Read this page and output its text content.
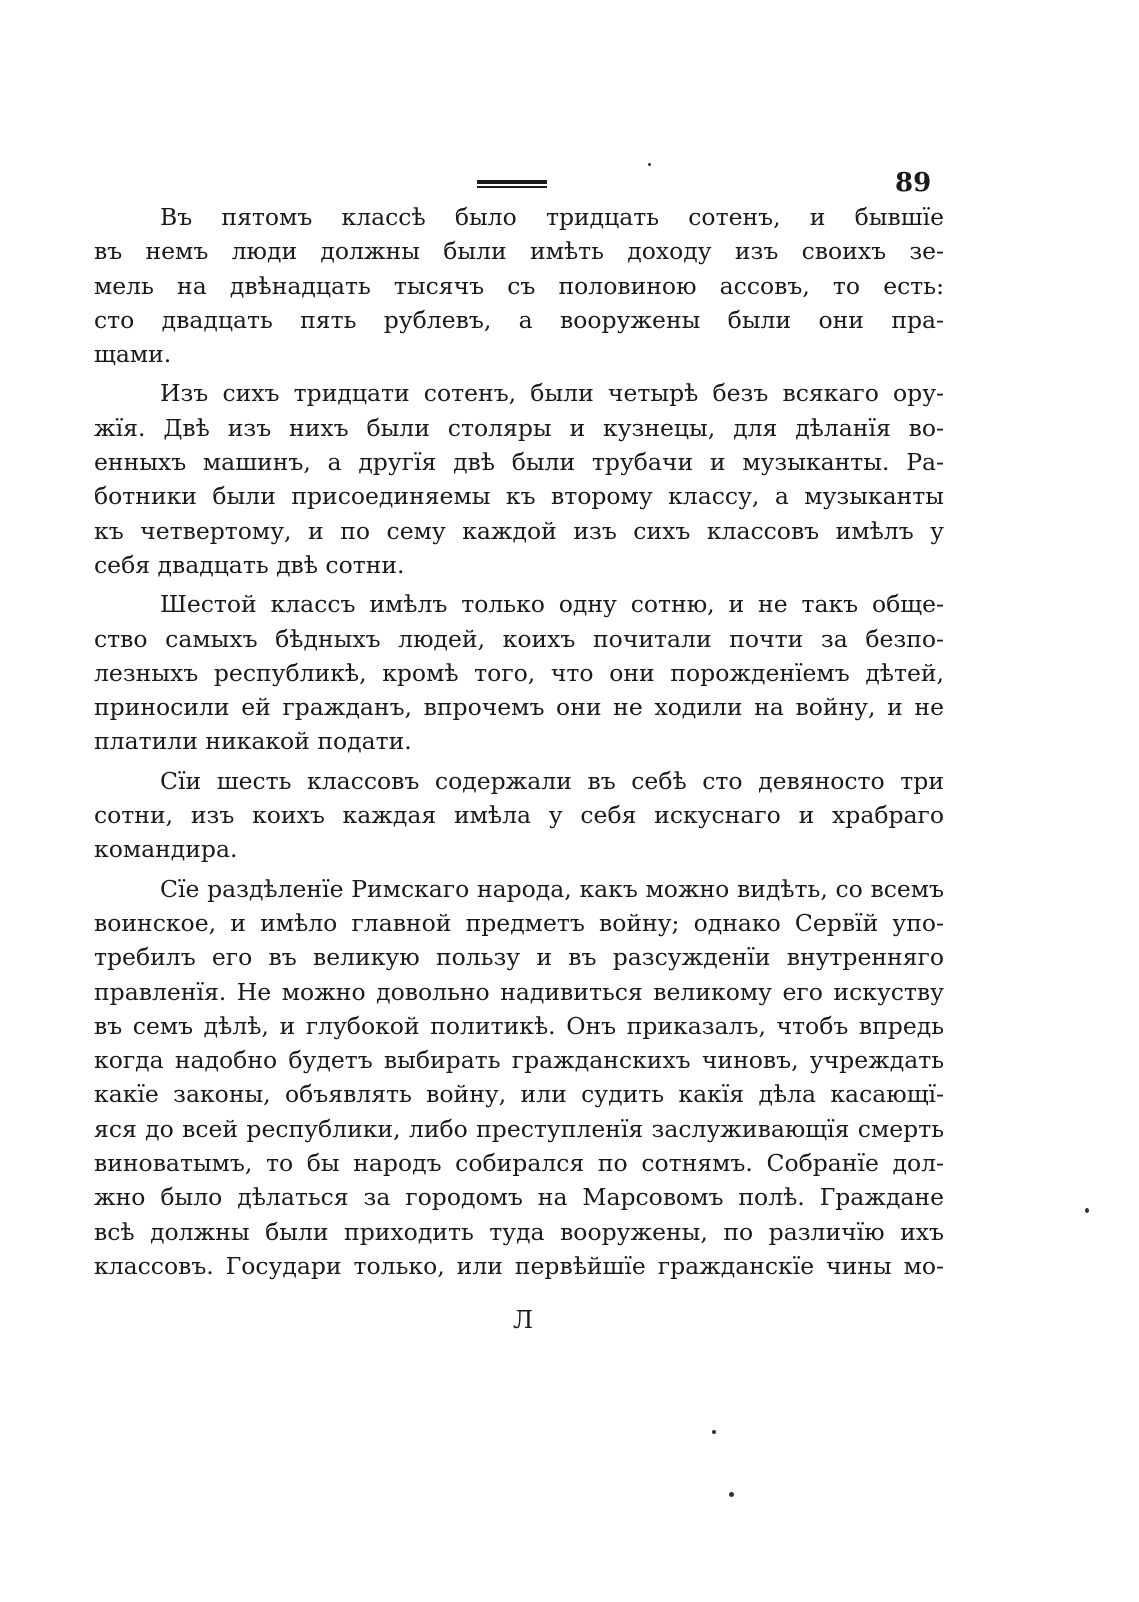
89
Въ пятомъ классѣ было тридцать сотенъ, и бывшїе
въ немъ люди должны были имѣть доходу изъ своихъ зе-
мель на двѣнадцать тысячъ съ половиною ассовъ, то есть:
сто двадцать пять рублевъ, а вооружены были они пра-
щами.
Изъ сихъ тридцати сотенъ, были четырѣ безъ всякаго ору-
жїя. Двѣ изъ нихъ были столяры и кузнецы, для дѣланїя во-
енныхъ машинъ, а другїя двѣ были трубачи и музыканты. Ра-
ботники были присоединяемы къ второму классу, а музыканты
къ четвертому, и по сему каждой изъ сихъ классовъ имѣлъ у
себя двадцать двѣ сотни.
Шестой классъ имѣлъ только одну сотню, и не такъ обще-
ство самыхъ бѣдныхъ людей, коихъ почитали почти за безпо-
лезныхъ республикѣ, кромѣ того, что они порожденїемъ дѣтей,
приносили ей гражданъ, впрочемъ они не ходили на войну, и не
платили никакой подати.
Сїи шесть классовъ содержали въ себѣ сто девяносто три
сотни, изъ коихъ каждая имѣла у себя искуснаго и храбраго
командира.
Сїе раздѣленїе Римскаго народа, какъ можно видѣть, со всемъ
воинское, и имѣло главной предметъ войну; однако Сервїй упо-
требилъ его въ великую пользу и въ разсужденїи внутренняго
правленїя. Не можно довольно надивиться великому его искуству
въ семъ дѣлѣ, и глубокой политикѣ. Онъ приказалъ, чтобъ впредь
когда надобно будетъ выбирать гражданскихъ чиновъ, учреждать
какїе законы, объявлять войну, или судить какїя дѣла касающї-
яся до всей республики, либо преступленїя заслуживающїя смерть
виноватымъ, то бы народъ собирался по сотнямъ. Собранїе дол-
жно было дѣлаться за городомъ на Марсовомъ полѣ. Граждане
всѣ должны были приходить туда вооружены, по различїю ихъ
классовъ. Государи только, или первѣйшїе гражданскїе чины мо-
Л
